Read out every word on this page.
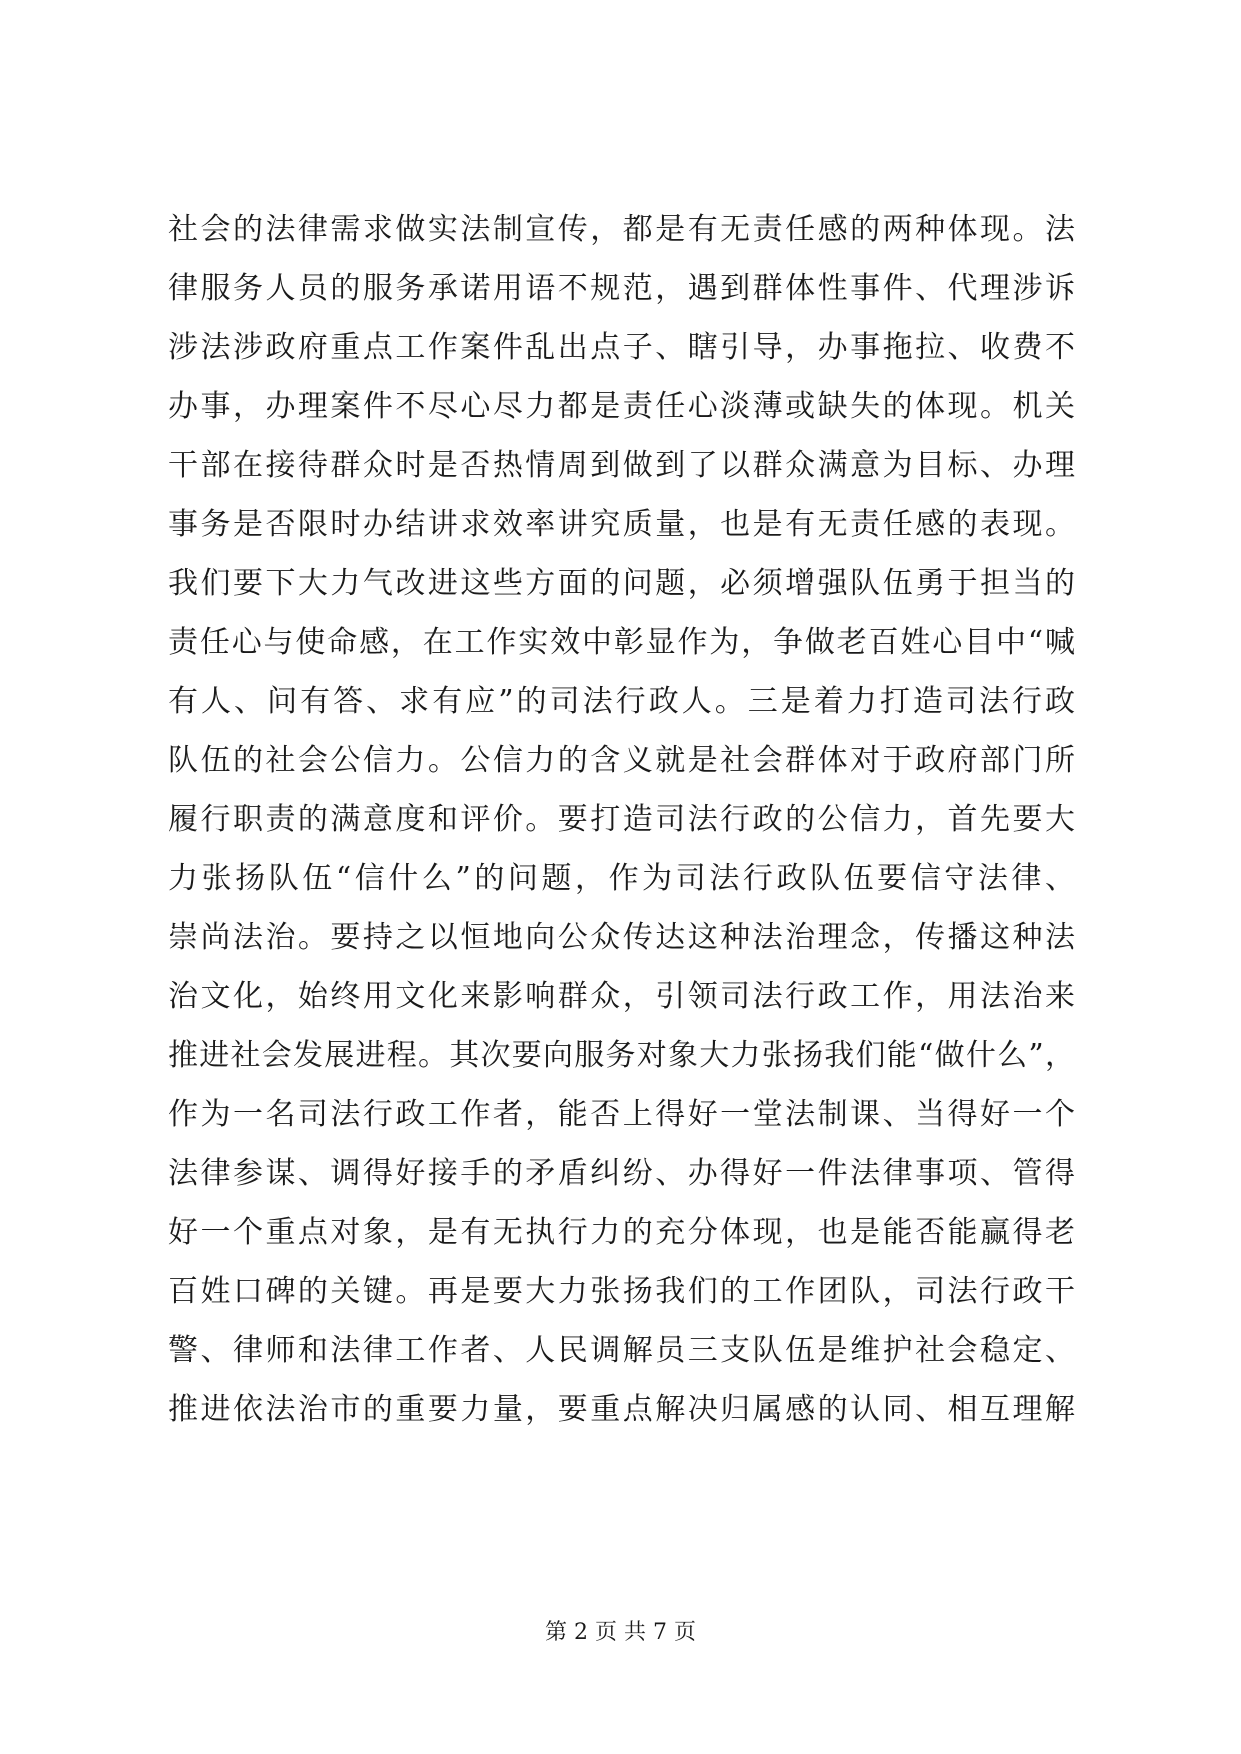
社会的法律需求做实法制宣传，都是有无责任感的两种体现。法
律服务人员的服务承诺用语不规范，遇到群体性事件、代理涉诉
涉法涉政府重点工作案件乱出点子、瞎引导，办事拖拉、收费不
办事，办理案件不尽心尽力都是责任心淡薄或缺失的体现。机关
干部在接待群众时是否热情周到做到了以群众满意为目标、办理
事务是否限时办结讲求效率讲究质量，也是有无责任感的表现。
我们要下大力气改进这些方面的问题，必须增强队伍勇于担当的
责任心与使命感，在工作实效中彰显作为，争做老百姓心目中“喊
有人、问有答、求有应”的司法行政人。三是着力打造司法行政
队伍的社会公信力。公信力的含义就是社会群体对于政府部门所
履行职责的满意度和评价。要打造司法行政的公信力，首先要大
力张扬队伍“信什么”的问题，作为司法行政队伍要信守法律、
崇尚法治。要持之以恒地向公众传达这种法治理念，传播这种法
治文化，始终用文化来影响群众，引领司法行政工作，用法治来
推进社会发展进程。其次要向服务对象大力张扬我们能“做什么”，
作为一名司法行政工作者，能否上得好一堂法制课、当得好一个
法律参谋、调得好接手的矛盾纠纷、办得好一件法律事项、管得
好一个重点对象，是有无执行力的充分体现，也是能否能赢得老
百姓口碑的关键。再是要大力张扬我们的工作团队，司法行政干
警、律师和法律工作者、人民调解员三支队伍是维护社会稳定、
推进依法治市的重要力量，要重点解决归属感的认同、相互理解
第 2 页 共 7 页
